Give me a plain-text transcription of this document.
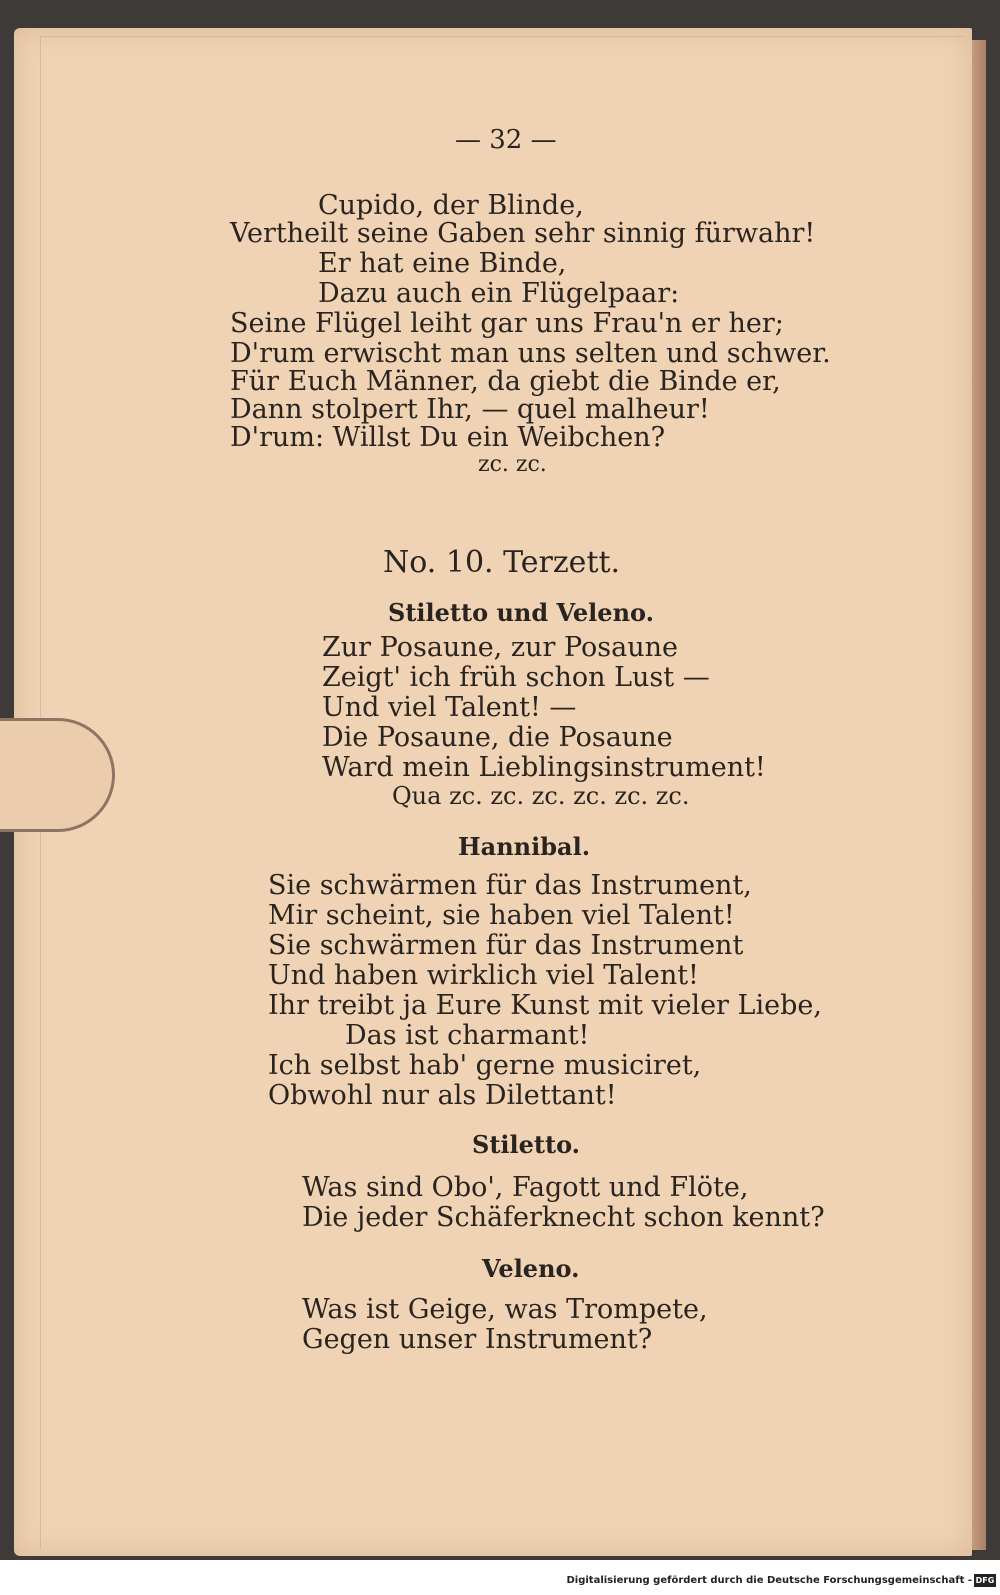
— 32 —
Cupido, der Blinde,
Vertheilt seine Gaben sehr sinnig fürwahr!
Er hat eine Binde,
Dazu auch ein Flügelpaar:
Seine Flügel leiht gar uns Frau'n er her;
D'rum erwischt man uns selten und schwer.
Für Euch Männer, da giebt die Binde er,
Dann stolpert Ihr, — quel malheur!
D'rum: Willst Du ein Weibchen?
zc. zc.
No. 10. Terzett.
Stiletto und Veleno.
Zur Posaune, zur Posaune
Zeigt' ich früh schon Lust —
Und viel Talent! —
Die Posaune, die Posaune
Ward mein Lieblingsinstrument!
Qua zc. zc. zc. zc. zc. zc.
Hannibal.
Sie schwärmen für das Instrument,
Mir scheint, sie haben viel Talent!
Sie schwärmen für das Instrument
Und haben wirklich viel Talent!
Ihr treibt ja Eure Kunst mit vieler Liebe,
Das ist charmant!
Ich selbst hab' gerne musiciret,
Obwohl nur als Dilettant!
Stiletto.
Was sind Obo', Fagott und Flöte,
Die jeder Schäferknecht schon kennt?
Veleno.
Was ist Geige, was Trompete,
Gegen unser Instrument?
Digitalisierung gefördert durch die Deutsche Forschungsgemeinschaft - DFG
